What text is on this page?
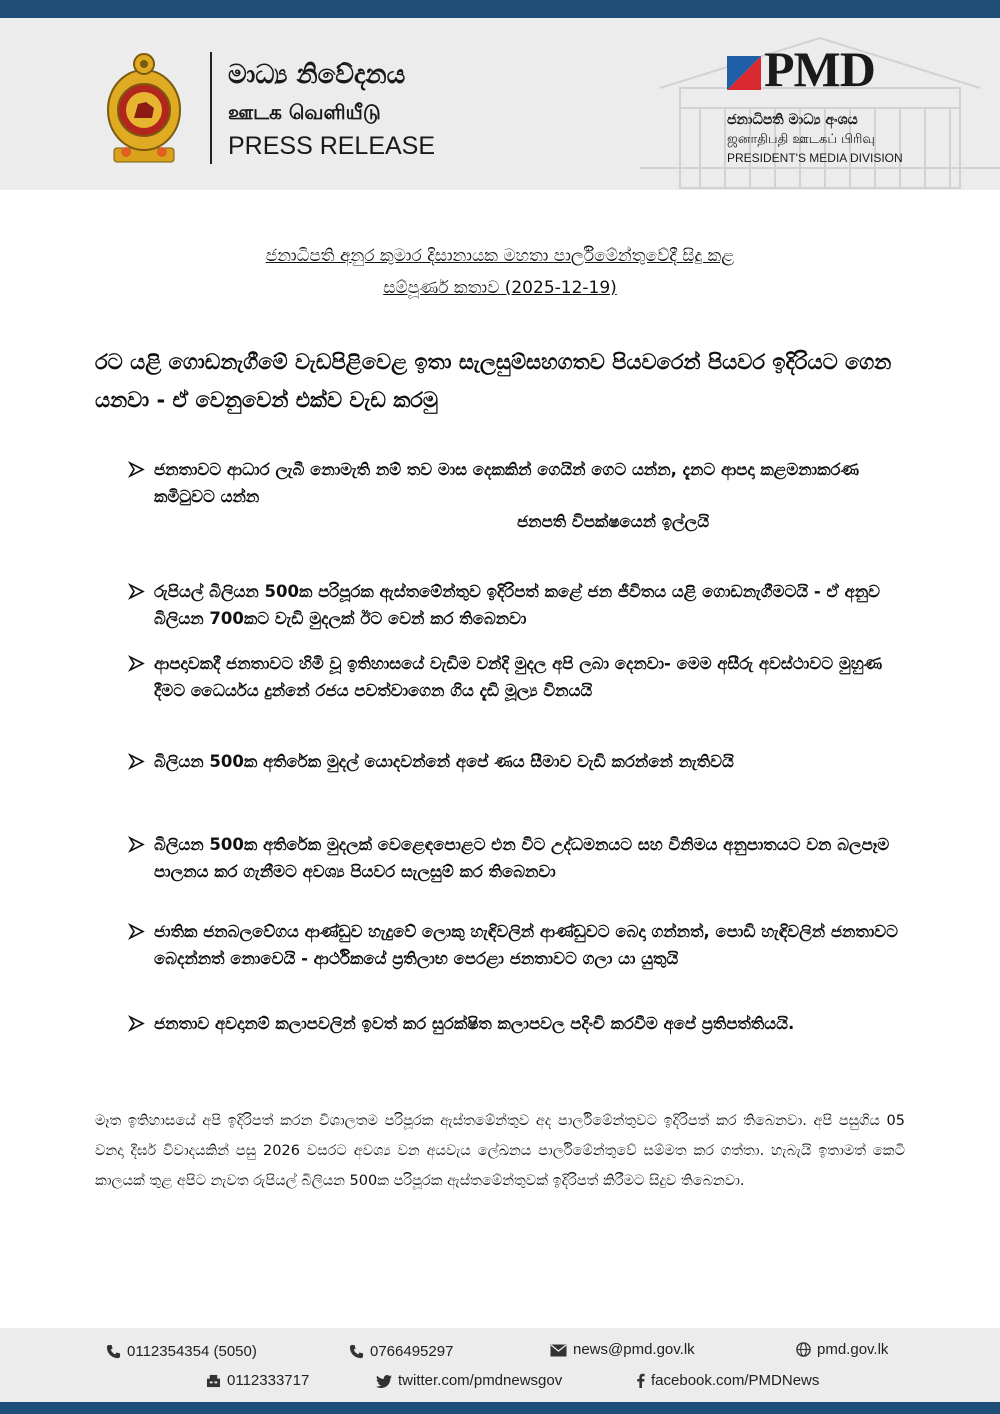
මාධ්‍ය නිවේදනය
ஊடக வெளியீடு
PRESS RELEASE
PMD
ජනාධිපති මාධ්‍ය අංශය
ஜனாதிபதி ஊடகப் பிரிவு
PRESIDENT'S MEDIA DIVISION
ජනාධිපති අනුර කුමාර දිසානායක මහතා පාර්ලිමේන්තුවේදී සිදු කළ
සම්පූර්ණ කතාව (2025-12-19)
රට යළි ගොඩනැගීමේ වැඩපිළිවෙළ ඉතා සැලසුම්සහගතව පියවරෙන් පියවර ඉදිරියට ගෙන යනවා - ඒ වෙනුවෙන් එක්ව වැඩ කරමු
ජනතාවට ආධාර ලැබී නොමැති නම් තව මාස දෙකකින් ගෙයින් ගෙට යන්න, දැනට ආපදා කළමනාකරණ කමිටුවට යන්න
ජනපති විපක්ෂයෙන් ඉල්ලයි
රුපියල් බිලියන 500ක පරිපූරක ඇස්තමේන්තුව ඉදිරිපත් කළේ ජන ජීවිතය යළි ගොඩනැගීමටයි - ඒ අනුව බිලියන 700කට වැඩි මුදලක් ඊට වෙන් කර තිබෙනවා
ආපදාවකදී ජනතාවට හිමි වූ ඉතිහාසයේ වැඩිම වන්දි මුදල අපි ලබා දෙනවා- මෙම අසීරු අවස්ථාවට මුහුණ දීමට ධෛර්යය දුන්නේ රජය පවත්වාගෙන ගිය දැඩි මූල්‍ය විනයයි
බිලියන 500ක අතිරේක මුදල් යොදවන්නේ අපේ ණය සීමාව වැඩි කරන්නේ නැතිවයි
බිලියන 500ක අතිරේක මුදලක් වෙළෙඳපොළට එන විට උද්ධමනයට සහ විනිමය අනුපාතයට වන බලපෑම පාලනය කර ගැනීමට අවශ්‍ය පියවර සැලසුම් කර තිබෙනවා
ජාතික ජනබලවේගය ආණ්ඩුව හැදුවේ ලොකු හැඳිවලින් ආණ්ඩුවට බෙදා ගන්නත්, පොඩි හැඳිවලින් ජනතාවට බෙදන්නත් නොවෙයි - ආර්ථිකයේ ප්‍රතිලාභ පෙරළා ජනතාවට ගලා යා යුතුයි
ජනතාව අවදානම් කලාපවලින් ඉවත් කර සුරක්ෂිත කලාපවල පදිංචි කරවීම අපේ ප්‍රතිපත්තියයි.
මෑත ඉතිහාසයේ අපි ඉදිරිපත් කරන විශාලතම පරිපූරක ඇස්තමේන්තුව අද පාර්ලිමේන්තුවට ඉදිරිපත් කර තිබෙනවා. අපි පසුගිය 05 වනදා දීර්ඝ විවාදයකින් පසු 2026 වසරට අවශ්‍ය වන අයවැය ලේඛනය පාර්ලිමේන්තුවේ සම්මත කර ගත්තා. හැබැයි ඉතාමත් කෙටි කාලයක් තුළ අපිට නැවත රුපියල් බිලියන 500ක පරිපූරක ඇස්තමේන්තුවක් ඉදිරිපත් කිරීමට සිදුව තිබෙනවා.
0112354354 (5050)	0766495297	news@pmd.gov.lk	pmd.gov.lk
0112333717	twitter.com/pmdnewsgov	facebook.com/PMDNews
